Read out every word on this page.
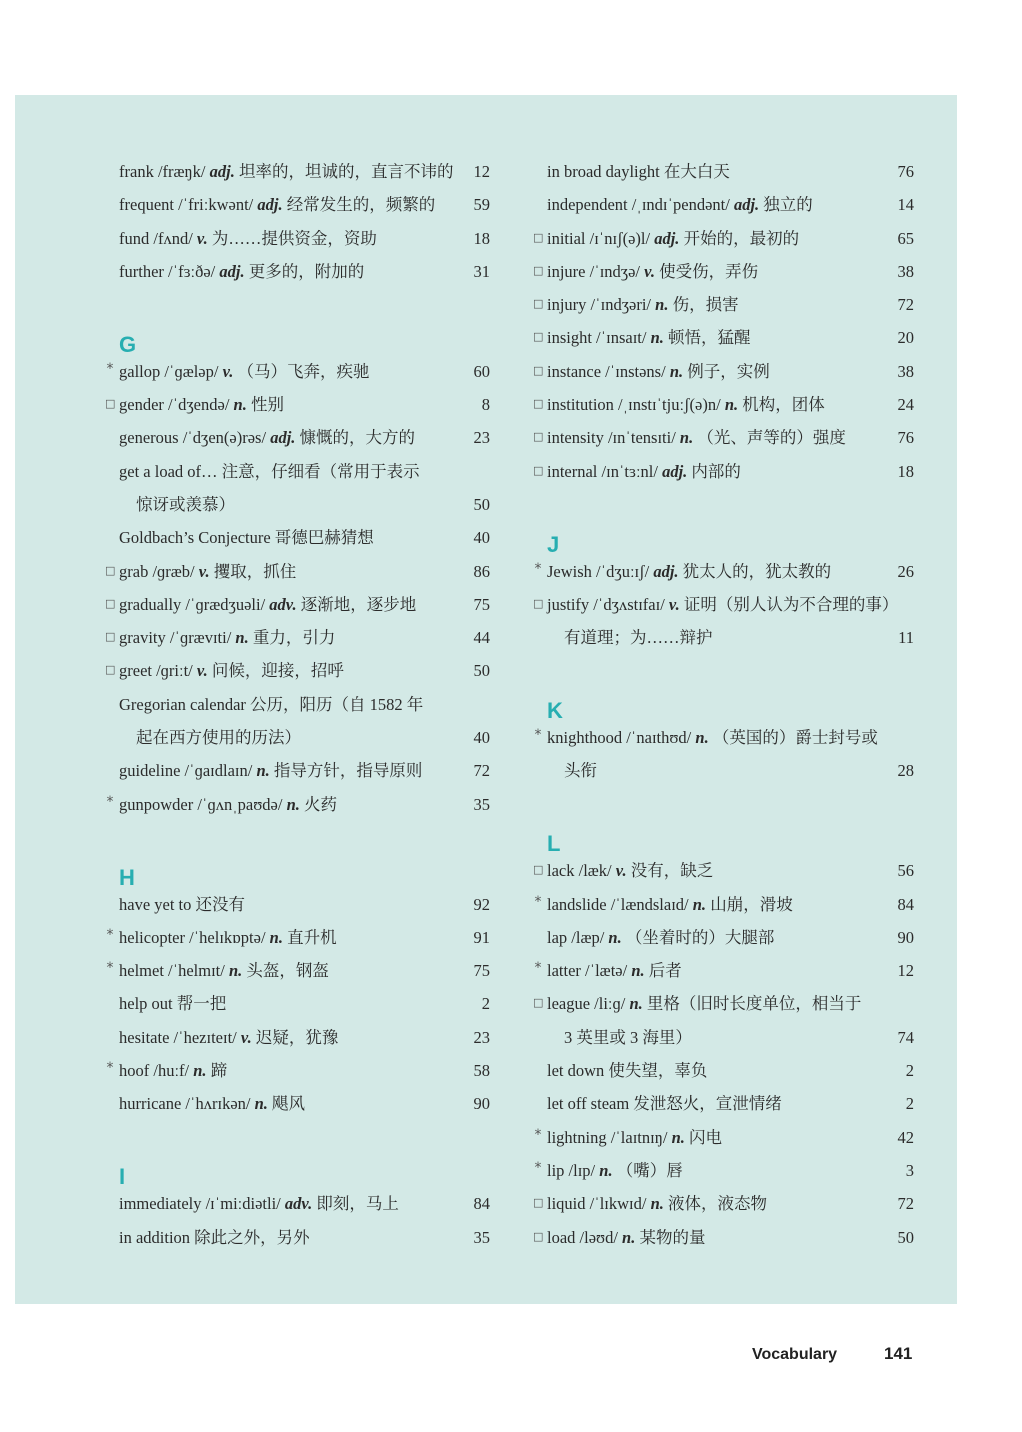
frank /fræŋk/ adj. 坦率的，坦诚的，直言不讳的 12
frequent /ˈfriːkwənt/ adj. 经常发生的，频繁的 59
fund /fʌnd/ v. 为……提供资金，资助	18
further /ˈfɜːðə/ adj. 更多的，附加的	31
G
* gallop /ˈɡæləp/ v. （马）飞奔，疾驰	60
□ gender /ˈdʒendə/ n. 性别	8
generous /ˈdʒen(ə)rəs/ adj. 慷慨的，大方的	23
get a load of… 注意，仔细看（常用于表示
惊讶或羡慕）	50
Goldbach’s Conjecture 哥德巴赫猜想	40
□ grab /ɡræb/ v. 攫取，抓住	86
□ gradually /ˈɡrædʒuəli/ adv. 逐渐地，逐步地	75
□ gravity /ˈɡrævɪti/ n. 重力，引力	44
□ greet /ɡriːt/ v. 问候，迎接，招呼	50
Gregorian calendar 公历，阳历（自 1582 年
起在西方使用的历法）	40
guideline /ˈɡaɪdlaɪn/ n. 指导方针，指导原则	72
* gunpowder /ˈɡʌnˌpaʊdə/ n. 火药	35
H
have yet to 还没有	92
* helicopter /ˈhelɪkɒptə/ n. 直升机	91
* helmet /ˈhelmɪt/ n. 头盔，钢盔	75
help out 帮一把	2
hesitate /ˈhezɪteɪt/ v. 迟疑，犹豫	23
* hoof /huːf/ n. 蹄	58
hurricane /ˈhʌrɪkən/ n. 飓风	90
I
immediately /ɪˈmiːdiətli/ adv. 即刻，马上	84
in addition 除此之外，另外	35
in broad daylight 在大白天	76
independent /ˌɪndɪˈpendənt/ adj. 独立的	14
□ initial /ɪˈnɪʃ(ə)l/ adj. 开始的，最初的	65
□ injure /ˈɪndʒə/ v. 使受伤，弄伤	38
□ injury /ˈɪndʒəri/ n. 伤，损害	72
□ insight /ˈɪnsaɪt/ n. 顿悟，猛醒	20
□ instance /ˈɪnstəns/ n. 例子，实例	38
□ institution /ˌɪnstɪˈtjuːʃ(ə)n/ n. 机构，团体	24
□ intensity /ɪnˈtensɪti/ n. （光、声等的）强度	76
□ internal /ɪnˈtɜːnl/ adj. 内部的	18
J
* Jewish /ˈdʒuːɪʃ/ adj. 犹太人的，犹太教的	26
□ justify /ˈdʒʌstɪfaɪ/ v. 证明（别人认为不合理的事）
有道理；为……辩护	11
K
* knighthood /ˈnaɪthʊd/ n. （英国的）爵士封号或
头衔	28
L
□ lack /læk/ v. 没有，缺乏	56
* landslide /ˈlændslaɪd/ n. 山崩，滑坡	84
lap /læp/ n. （坐着时的）大腿部	90
* latter /ˈlætə/ n. 后者	12
□ league /liːɡ/ n. 里格（旧时长度单位，相当于
3 英里或 3 海里）	74
let down 使失望，辜负	2
let off steam 发泄怒火，宣泄情绪	2
* lightning /ˈlaɪtnɪŋ/ n. 闪电	42
* lip /lɪp/ n. （嘴）唇	3
□ liquid /ˈlɪkwɪd/ n. 液体，液态物	72
□ load /ləʊd/ n. 某物的量	50
Vocabulary	141
